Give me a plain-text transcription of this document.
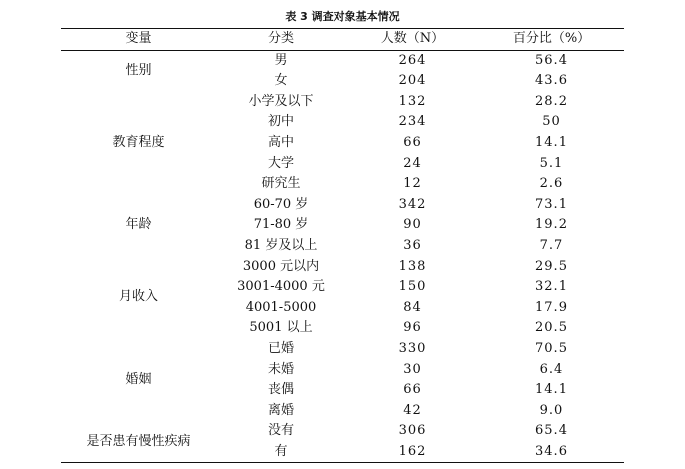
表 3 调查对象基本情况
变量	分类	人数（N）	百分比（%）
性别	男	264	56.4
	女	204	43.6
教育程度	小学及以下	132	28.2
	初中	234	50
	高中	66	14.1
	大学	24	5.1
	研究生	12	2.6
年龄	60-70 岁	342	73.1
	71-80 岁	90	19.2
	81 岁及以上	36	7.7
月收入	3000 元以内	138	29.5
	3001-4000 元	150	32.1
	4001-5000	84	17.9
	5001 以上	96	20.5
婚姻	已婚	330	70.5
	未婚	30	6.4
	丧偶	66	14.1
	离婚	42	9.0
是否患有慢性疾病	没有	306	65.4
	有	162	34.6
